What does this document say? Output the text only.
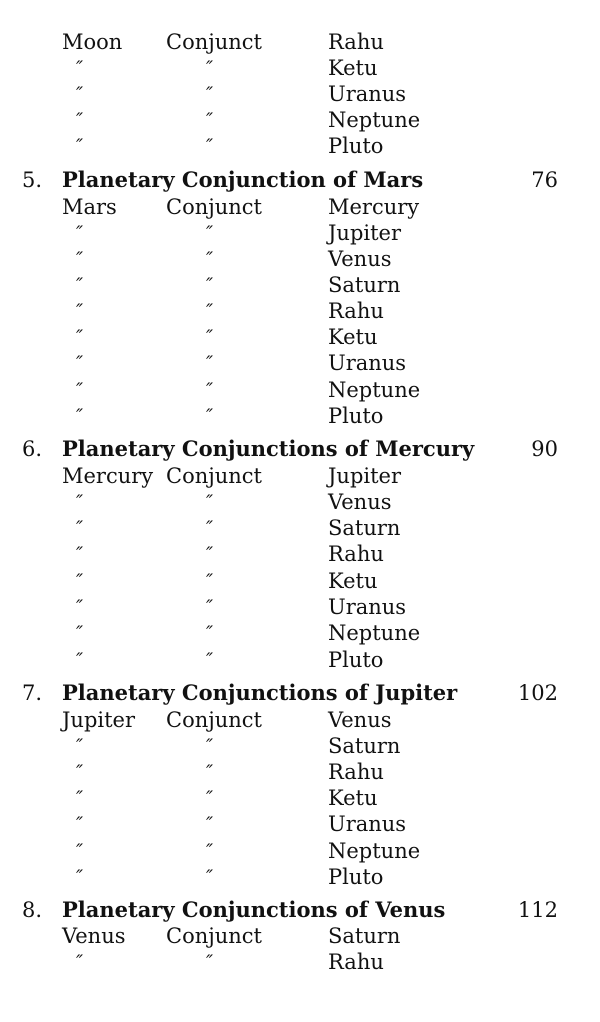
Moon Conjunct	Rahu
″	″	Ketu
″	″	Uranus
″	″	Neptune
″	″	Pluto
5. Planetary Conjunction of Mars	76
Mars Conjunct	Mercury
″	″	Jupiter
″	″	Venus
″	″	Saturn
″	″	Rahu
″	″	Ketu
″	″	Uranus
″	″	Neptune
″	″	Pluto
6. Planetary Conjunctions of Mercury	90
Mercury Conjunct	Jupiter
″	″	Venus
″	″	Saturn
″	″	Rahu
″	″	Ketu
″	″	Uranus
″	″	Neptune
″	″	Pluto
7. Planetary Conjunctions of Jupiter	102
Jupiter Conjunct	Venus
″	″	Saturn
″	″	Rahu
″	″	Ketu
″	″	Uranus
″	″	Neptune
″	″	Pluto
8. Planetary Conjunctions of Venus	112
Venus Conjunct	Saturn
″	″	Rahu
